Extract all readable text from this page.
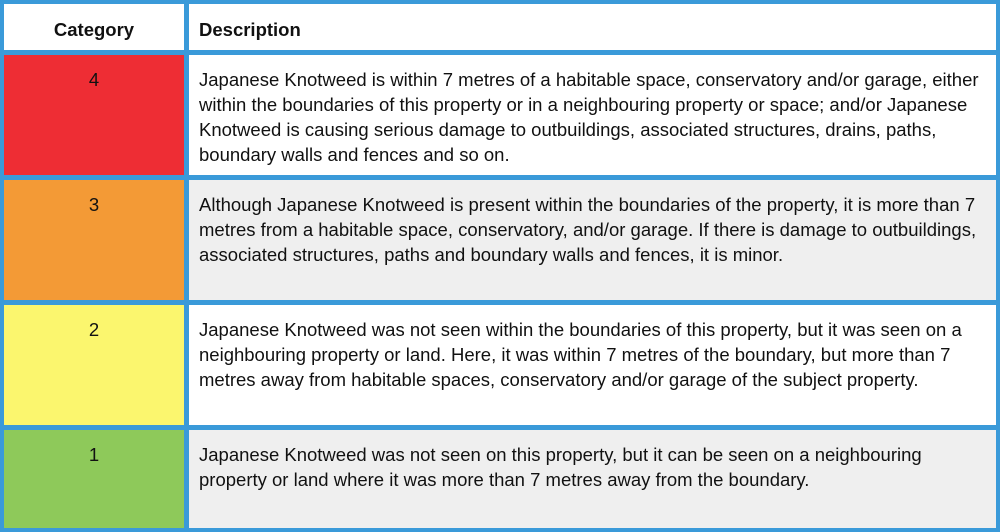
Category	Description
4	Japanese Knotweed is within 7 metres of a habitable space, conservatory and/or garage, either within the boundaries of this property or in a neighbouring property or space; and/or Japanese Knotweed is causing serious damage to outbuildings, associated structures, drains, paths, boundary walls and fences and so on.
3	Although Japanese Knotweed is present within the boundaries of the property, it is more than 7 metres from a habitable space, conservatory, and/or garage. If there is damage to outbuildings, associated structures, paths and boundary walls and fences, it is minor.
2	Japanese Knotweed was not seen within the boundaries of this property, but it was seen on a neighbouring property or land. Here, it was within 7 metres of the boundary, but more than 7 metres away from habitable spaces, conservatory and/or garage of the subject property.
1	Japanese Knotweed was not seen on this property, but it can be seen on a neighbouring property or land where it was more than 7 metres away from the boundary.
